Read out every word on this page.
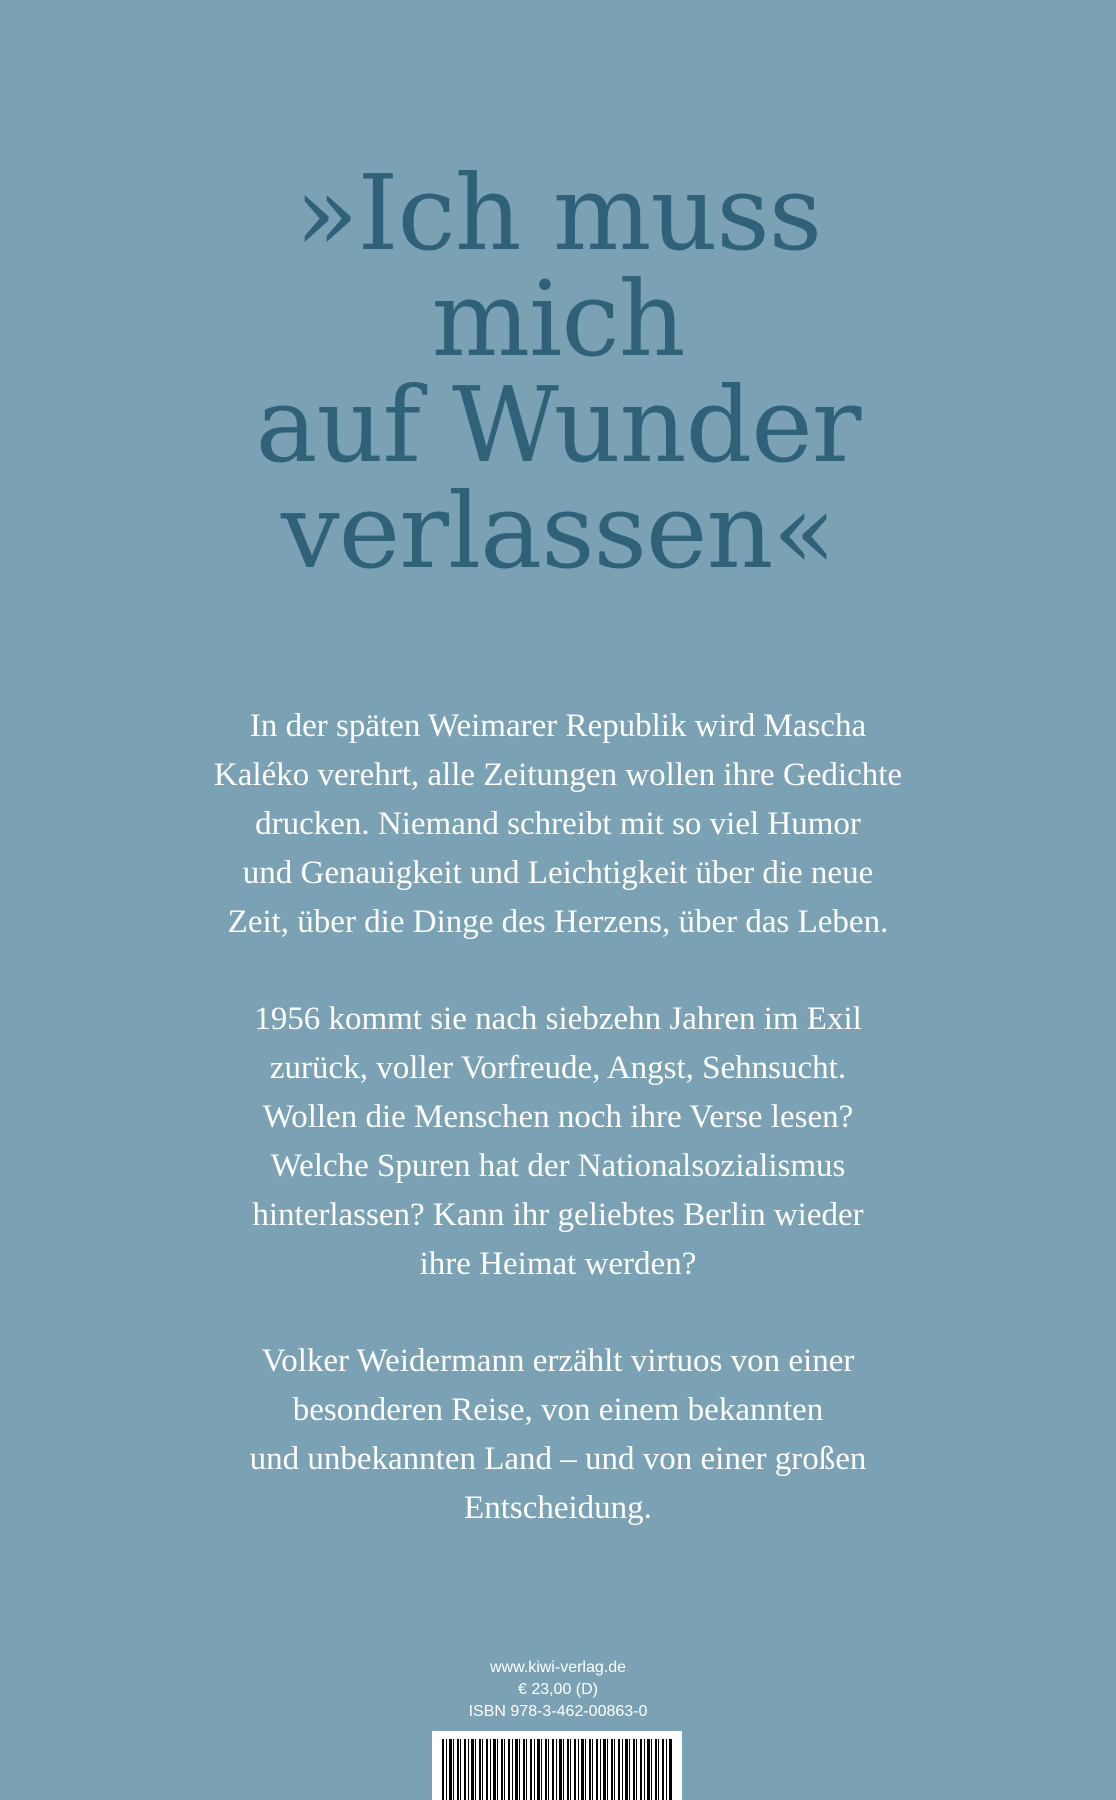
»Ich muss
mich
auf Wunder
verlassen«
In der späten Weimarer Republik wird Mascha
Kaléko verehrt, alle Zeitungen wollen ihre Gedichte
drucken. Niemand schreibt mit so viel Humor
und Genauigkeit und Leichtigkeit über die neue
Zeit, über die Dinge des Herzens, über das Leben.
1956 kommt sie nach siebzehn Jahren im Exil
zurück, voller Vorfreude, Angst, Sehnsucht.
Wollen die Menschen noch ihre Verse lesen?
Welche Spuren hat der Nationalsozialismus
hinterlassen? Kann ihr geliebtes Berlin wieder
ihre Heimat werden?
Volker Weidermann erzählt virtuos von einer
besonderen Reise, von einem bekannten
und unbekannten Land – und von einer großen
Entscheidung.
www.kiwi-verlag.de
€ 23,00 (D)
ISBN 978-3-462-00863-0
